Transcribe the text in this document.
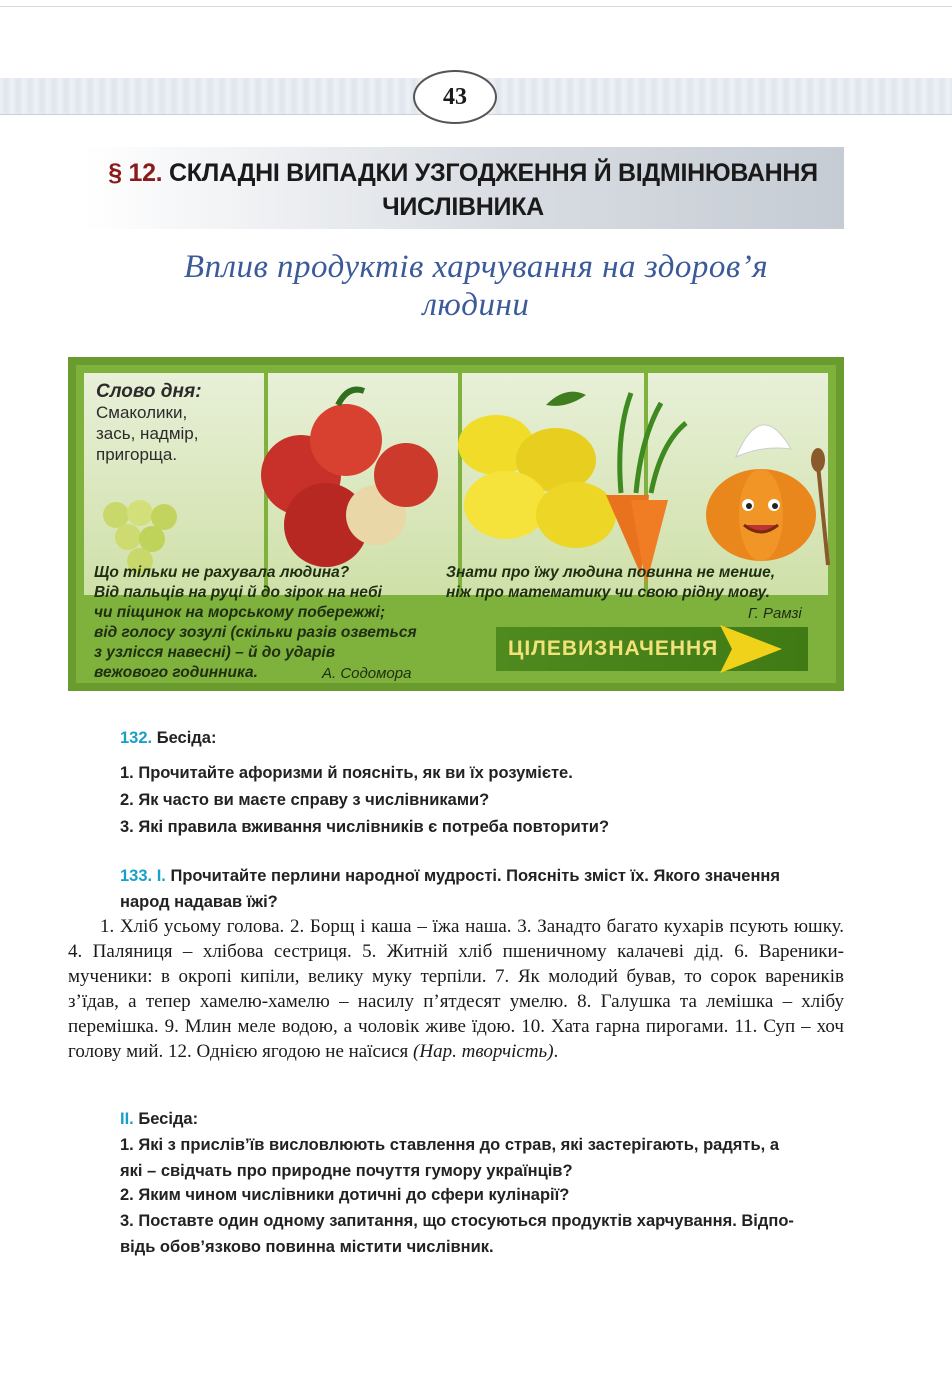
43
§ 12. СКЛАДНІ ВИПАДКИ УЗГОДЖЕННЯ Й ВІДМІНЮВАННЯ
ЧИСЛІВНИКА
Вплив продуктів харчування на здоров’я
людини
Слово дня:
Смаколики,
зась, надмір,
пригорща.
Що тільки не рахувала людина?
Від пальців на руці й до зірок на небі
чи піщинок на морському побережжі;
від голосу зозулі (скільки разів озветься
з узлісся навесні) – й до ударів
вежового годинника.	А. Содомора
Знати про їжу людина повинна не менше,
ніж про математику чи свою рідну мову.
Г. Рамзі
ЦІЛЕВИЗНАЧЕННЯ
132. Бесіда:
1. Прочитайте афоризми й поясніть, як ви їх розумієте.
2. Як часто ви маєте справу з числівниками?
3. Які правила вживання числівників є потреба повторити?
133. I. Прочитайте перлини народної мудрості. Поясніть зміст їх. Якого значення
народ надавав їжі?
1. Хліб усьому голова. 2. Борщ і каша – їжа наша. 3. Занадто багато кухарів псують юшку. 4. Паляниця – хлібова сестриця. 5. Житній хліб пшеничному калачеві дід. 6. Вареники-мученики: в окропі кипіли, велику муку терпіли. 7. Як молодий бував, то сорок вареників з’їдав, а тепер хамелю-хамелю – насилу п’ятдесят умелю. 8. Галушка та лемішка – хлібу перемішка. 9. Млин меле водою, а чоловік живе їдою. 10. Хата гарна пирогами. 11. Суп – хоч голову мий. 12. Однією ягодою не наїсися (Нар. творчість).
II. Бесіда:
1. Які з прислів’їв висловлюють ставлення до страв, які застерігають, радять, а
які – свідчать про природне почуття гумору українців?
2. Яким чином числівники дотичні до сфери кулінарії?
3. Поставте один одному запитання, що стосуються продуктів харчування. Відпо-
відь обов’язково повинна містити числівник.
